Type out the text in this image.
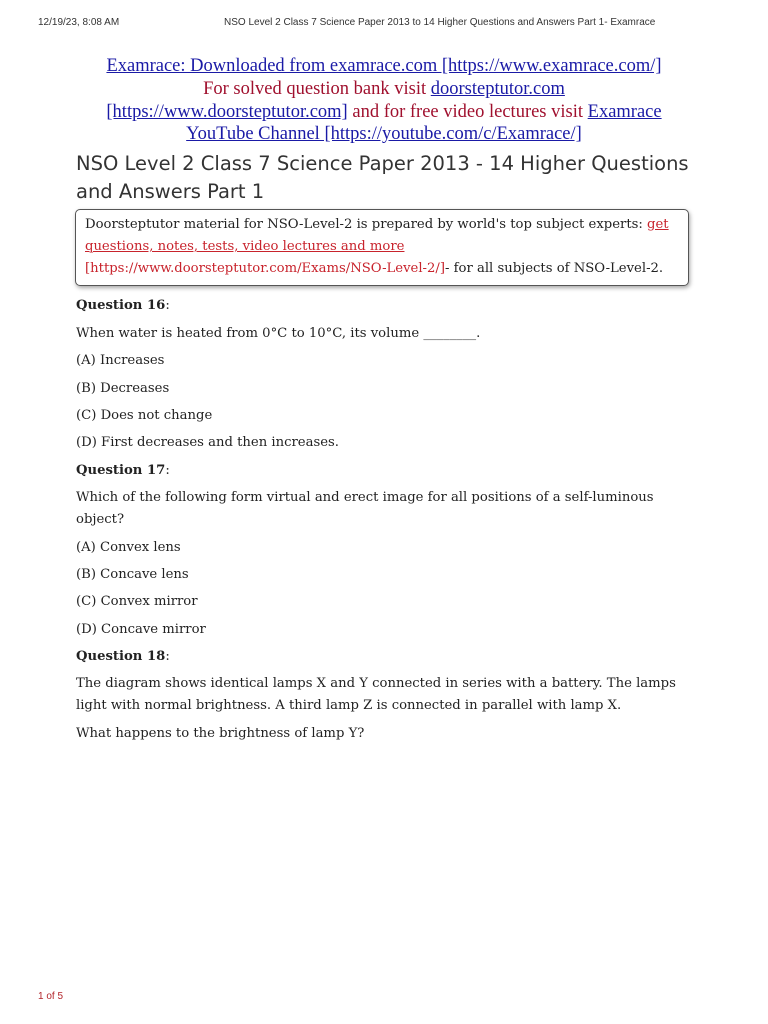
12/19/23, 8:08 AM	NSO Level 2 Class 7 Science Paper 2013 to 14 Higher Questions and Answers Part 1- Examrace
Examrace: Downloaded from examrace.com [https://www.examrace.com/]
For solved question bank visit doorsteptutor.com
[https://www.doorsteptutor.com] and for free video lectures visit Examrace
YouTube Channel [https://youtube.com/c/Examrace/]
NSO Level 2 Class 7 Science Paper 2013 - 14 Higher Questions and Answers Part 1
Doorsteptutor material for NSO-Level-2 is prepared by world's top subject experts: get questions, notes, tests, video lectures and more
[https://www.doorsteptutor.com/Exams/NSO-Level-2/]- for all subjects of NSO-Level-2.
Question 16:
When water is heated from 0°C to 10°C, its volume ________.
(A) Increases
(B) Decreases
(C) Does not change
(D) First decreases and then increases.
Question 17:
Which of the following form virtual and erect image for all positions of a self-luminous object?
(A) Convex lens
(B) Concave lens
(C) Convex mirror
(D) Concave mirror
Question 18:
The diagram shows identical lamps X and Y connected in series with a battery. The lamps light with normal brightness. A third lamp Z is connected in parallel with lamp X.
What happens to the brightness of lamp Y?
1 of 5
